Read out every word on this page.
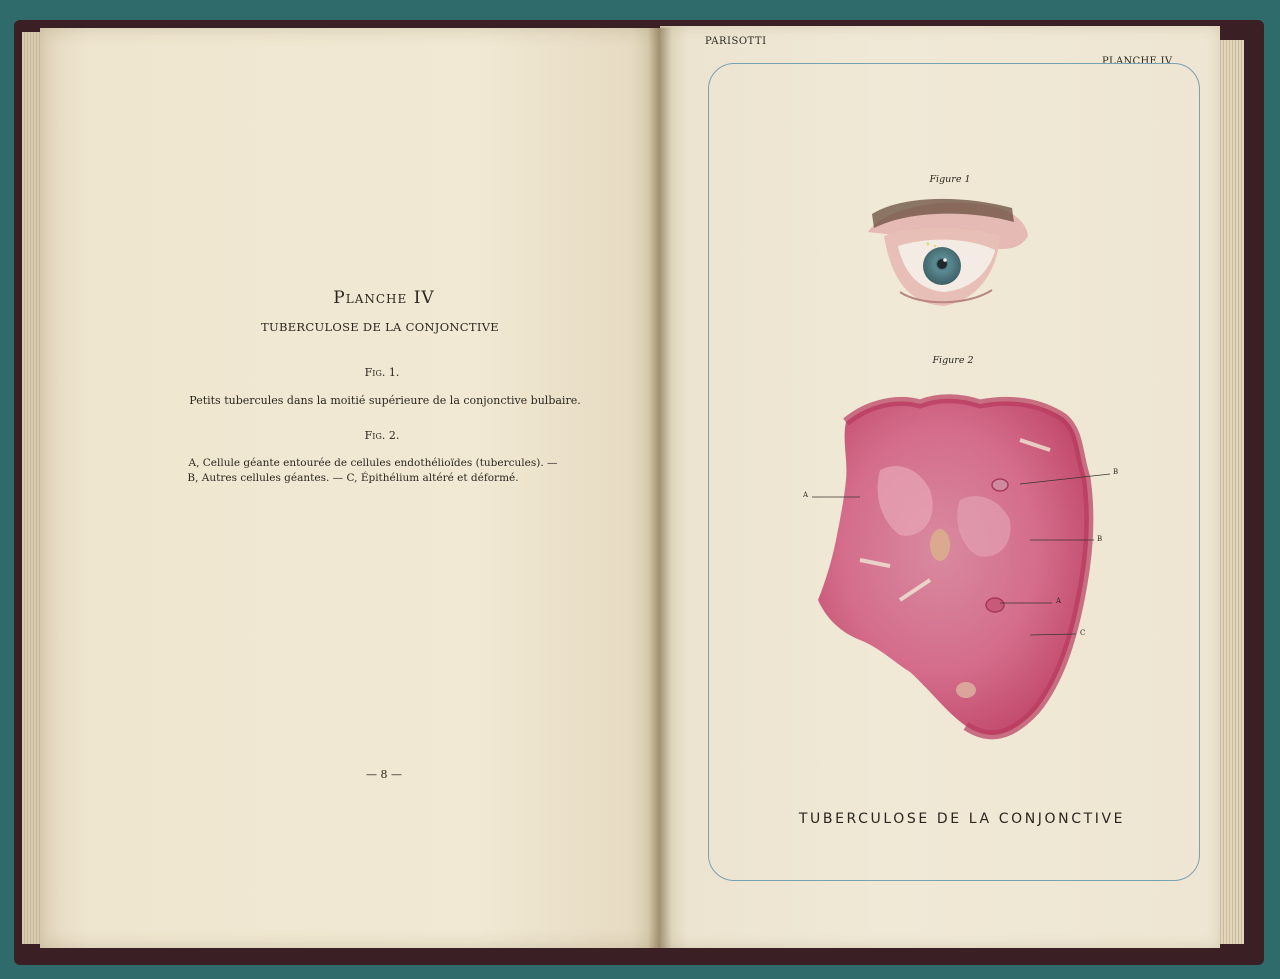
Planche IV
TUBERCULOSE DE LA CONJONCTIVE
Fig. 1.
Petits tubercules dans la moitié supérieure de la conjonctive bulbaire.
Fig. 2.
A, Cellule géante entourée de cellules endothélioïdes (tubercules). —
B, Autres cellules géantes. — C, Épithélium altéré et déformé.
— 8 —
PARISOTTI
PLANCHE IV
Figure 1
Figure 2
A
B
B
A
C
TUBERCULOSE DE LA CONJONCTIVE
